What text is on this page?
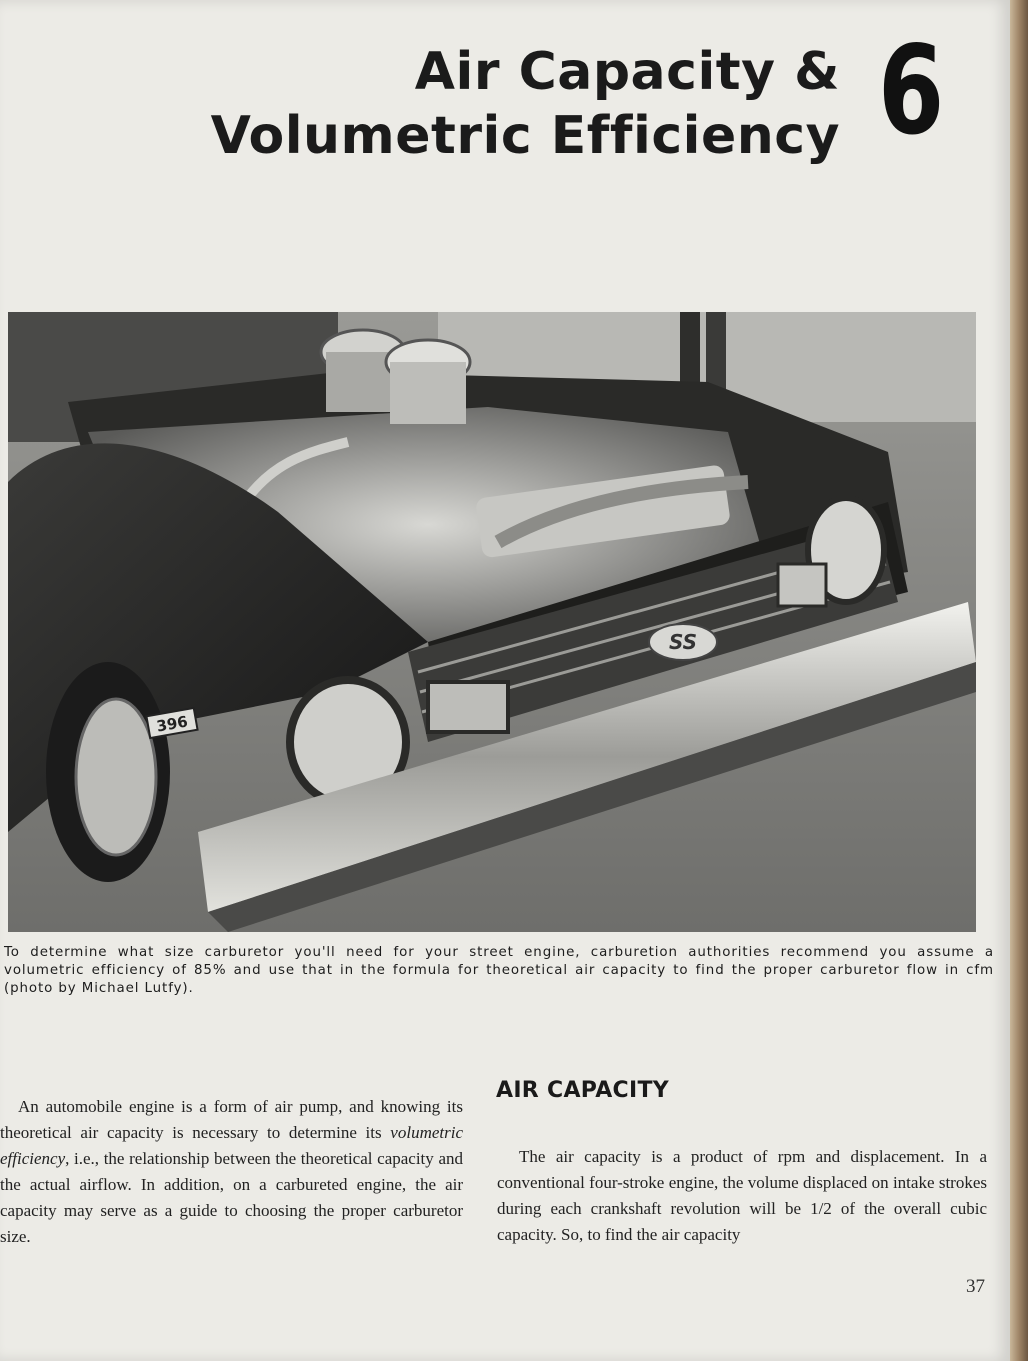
Air Capacity &
Volumetric Efficiency 6
SS
396
To determine what size carburetor you'll need for your street engine, carburetion authorities recommend you assume a volumetric efficiency of 85% and use that in the formula for theoretical air capacity to find the proper carburetor flow in cfm (photo by Michael Lutfy).

An automobile engine is a form of air pump, and knowing its theoretical air capacity is necessary to determine its volumetric efficiency, i.e., the relationship between the theoretical capacity and the actual airflow. In addition, on a carbureted engine, the air capacity may serve as a guide to choosing the proper carburetor size.

AIR CAPACITY

The air capacity is a product of rpm and displacement. In a conventional four-stroke engine, the volume displaced on intake strokes during each crankshaft revolution will be 1/2 of the overall cubic capacity. So, to find the air capacity

37
